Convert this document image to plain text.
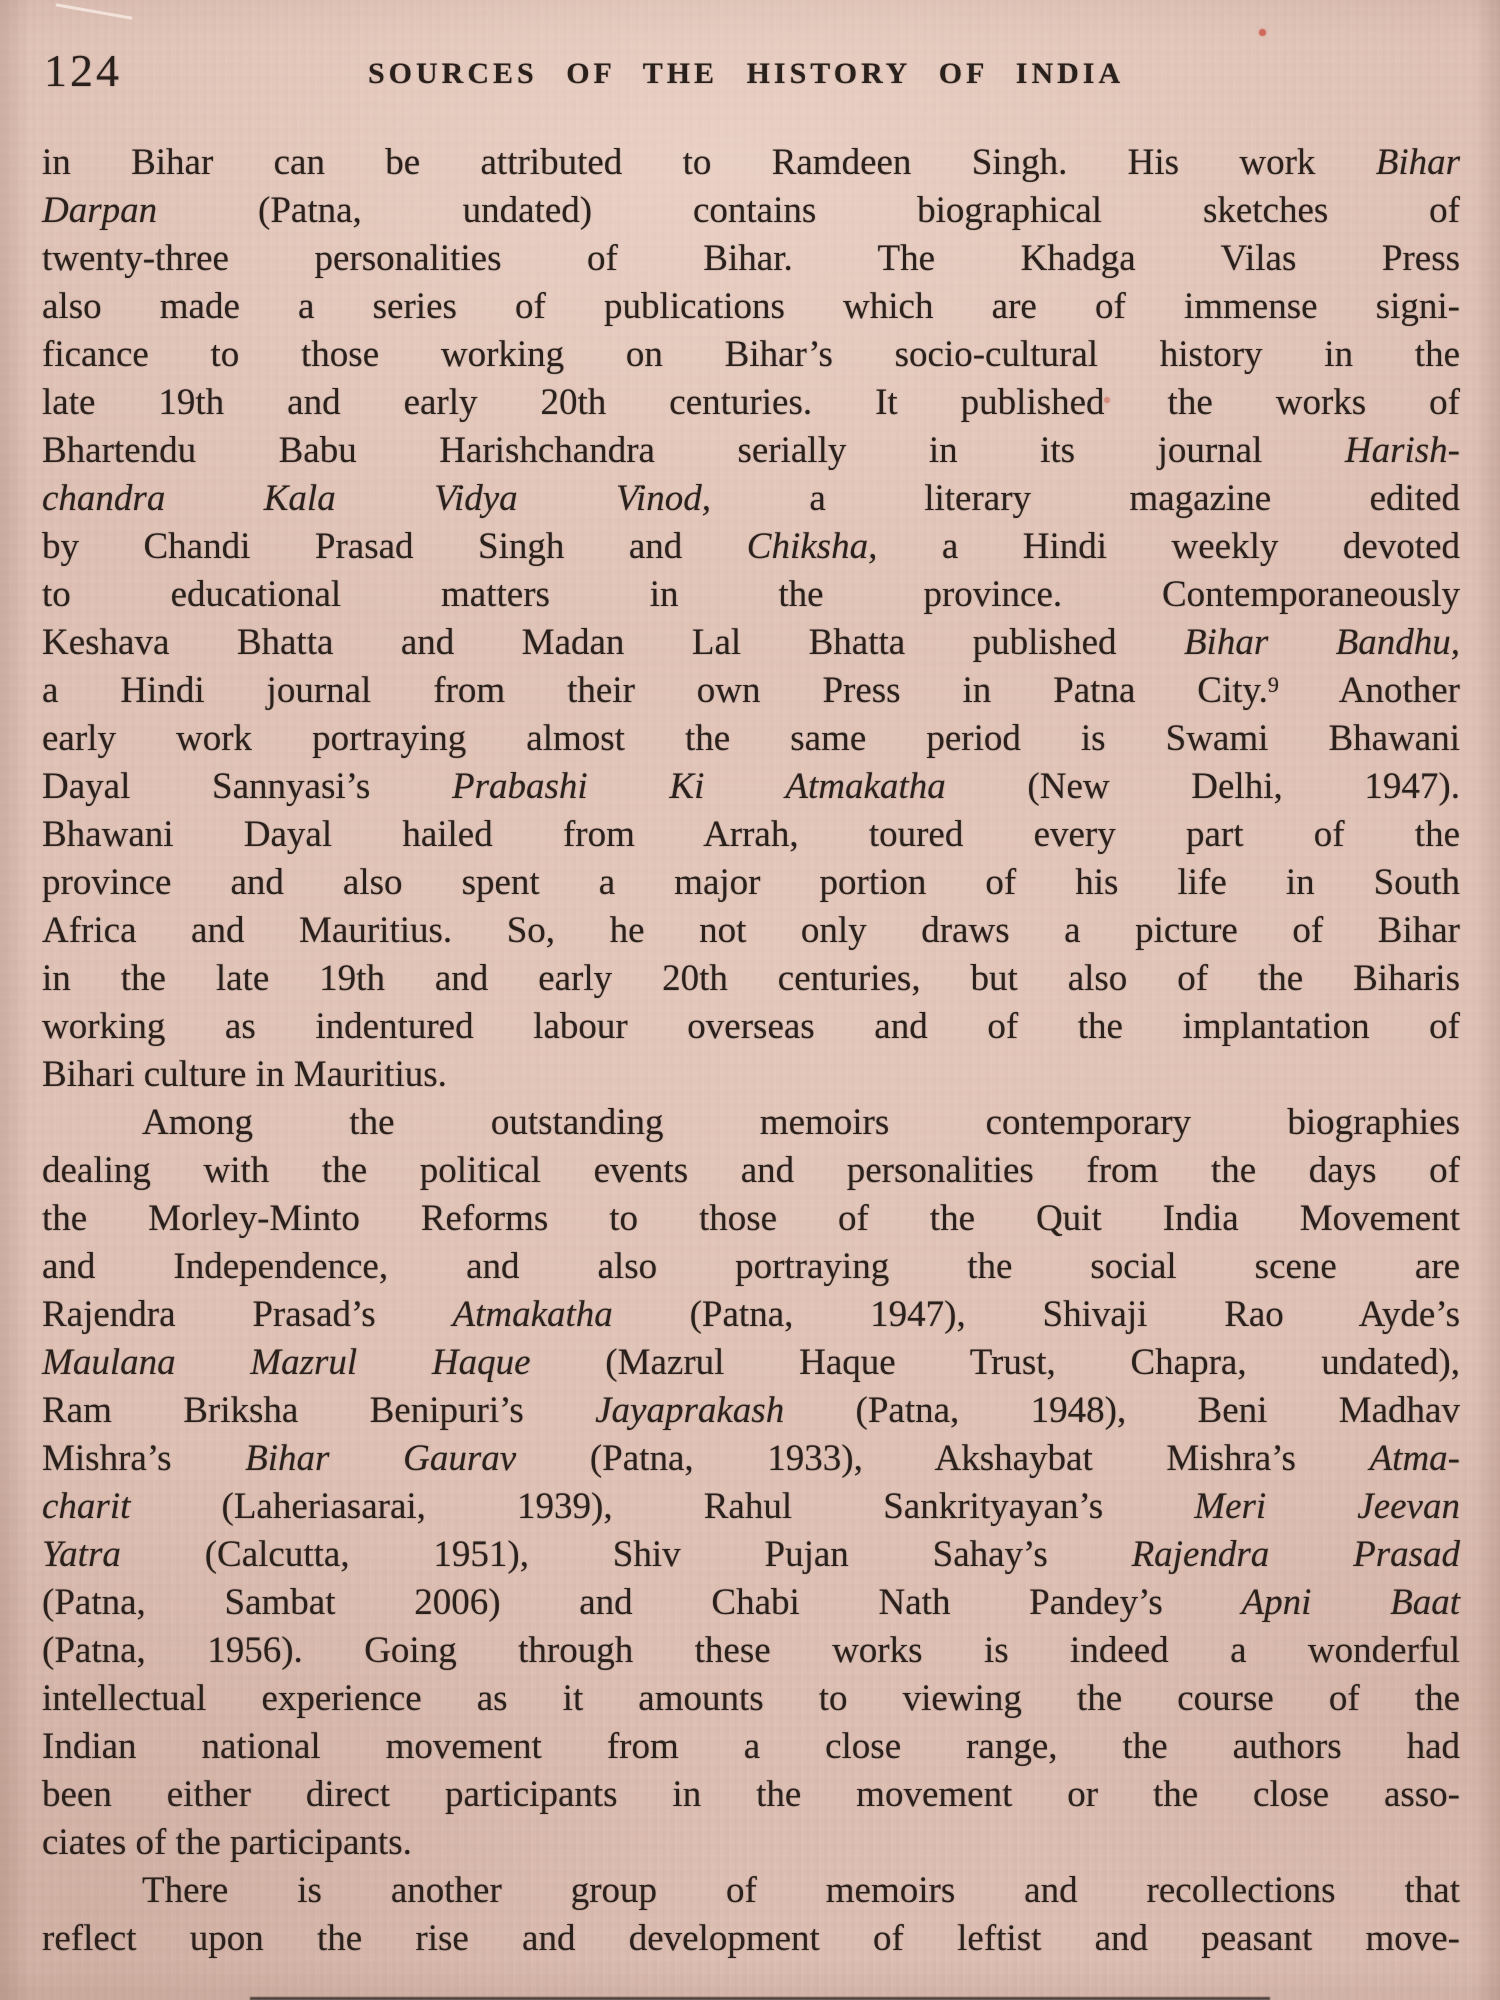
124	SOURCES OF THE HISTORY OF INDIA
in Bihar can be attributed to Ramdeen Singh. His work Bihar
Darpan (Patna, undated) contains biographical sketches of
twenty-three personalities of Bihar. The Khadga Vilas Press
also made a series of publications which are of immense signi-
ficance to those working on Bihar’s socio-cultural history in the
late 19th and early 20th centuries. It published the works of
Bhartendu Babu Harishchandra serially in its journal Harish-
chandra Kala Vidya Vinod, a literary magazine edited
by Chandi Prasad Singh and Chiksha, a Hindi weekly devoted
to educational matters in the province. Contemporaneously
Keshava Bhatta and Madan Lal Bhatta published Bihar Bandhu,
a Hindi journal from their own Press in Patna City.$^9$ Another
early work portraying almost the same period is Swami Bhawani
Dayal Sannyasi’s Prabashi Ki Atmakatha (New Delhi, 1947).
Bhawani Dayal hailed from Arrah, toured every part of the
province and also spent a major portion of his life in South
Africa and Mauritius. So, he not only draws a picture of Bihar
in the late 19th and early 20th centuries, but also of the Biharis
working as indentured labour overseas and of the implantation of
Bihari culture in Mauritius.
Among the outstanding memoirs contemporary biographies
dealing with the political events and personalities from the days of
the Morley-Minto Reforms to those of the Quit India Movement
and Independence, and also portraying the social scene are
Rajendra Prasad’s Atmakatha (Patna, 1947), Shivaji Rao Ayde’s
Maulana Mazrul Haque (Mazrul Haque Trust, Chapra, undated),
Ram Briksha Benipuri’s Jayaprakash (Patna, 1948), Beni Madhav
Mishra’s Bihar Gaurav (Patna, 1933), Akshaybat Mishra’s Atma-
charit (Laheriasarai, 1939), Rahul Sankrityayan’s Meri Jeevan
Yatra (Calcutta, 1951), Shiv Pujan Sahay’s Rajendra Prasad
(Patna, Sambat 2006) and Chabi Nath Pandey’s Apni Baat
(Patna, 1956). Going through these works is indeed a wonderful
intellectual experience as it amounts to viewing the course of the
Indian national movement from a close range, the authors had
been either direct participants in the movement or the close asso-
ciates of the participants.
There is another group of memoirs and recollections that
reflect upon the rise and development of leftist and peasant move-
